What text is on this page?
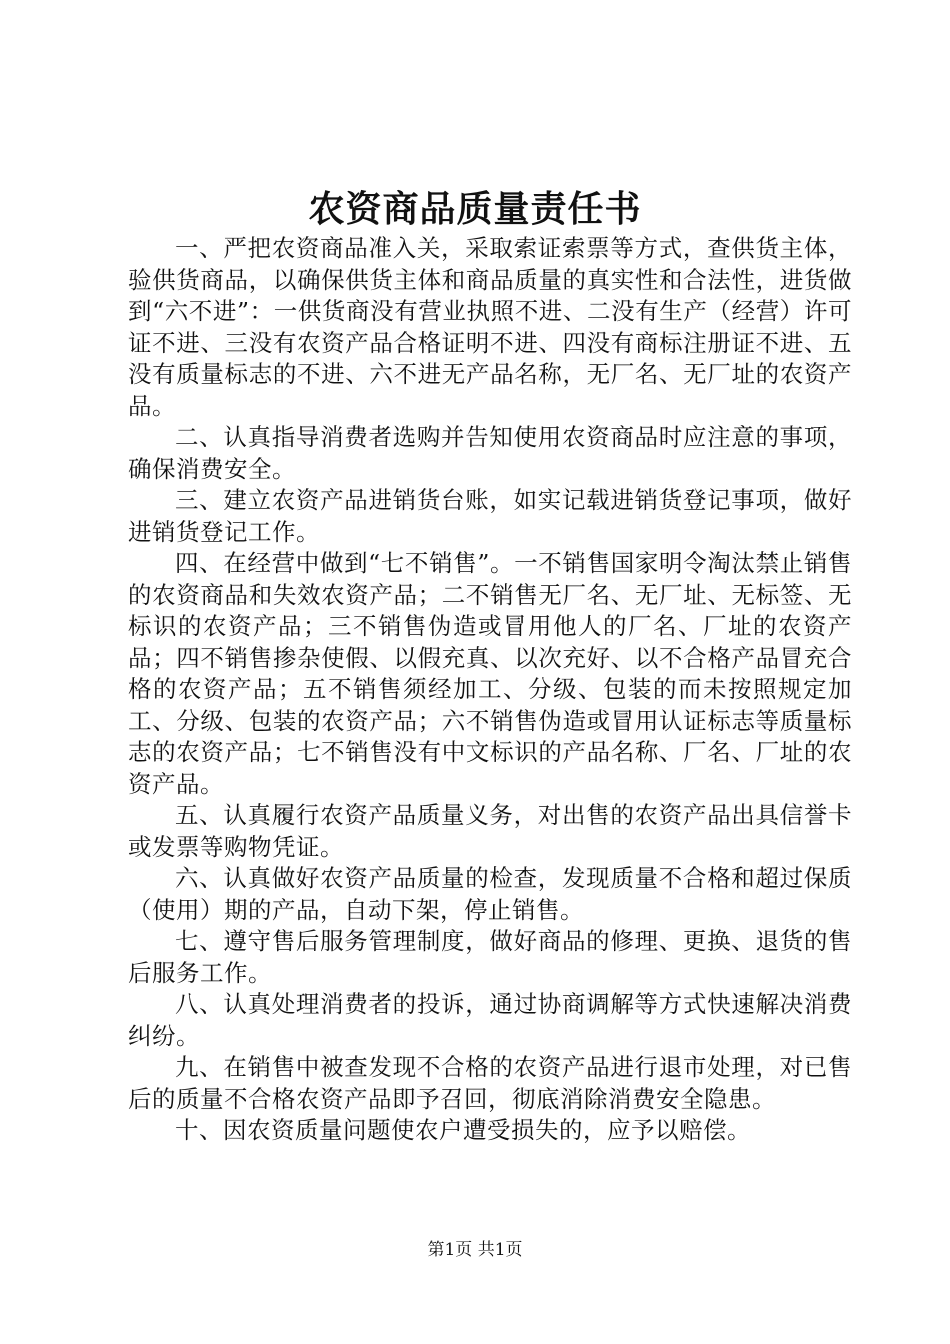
农资商品质量责任书

一、严把农资商品准入关，采取索证索票等方式，查供货主体，验供货商品，以确保供货主体和商品质量的真实性和合法性，进货做到“六不进”：一供货商没有营业执照不进、二没有生产（经营）许可证不进、三没有农资产品合格证明不进、四没有商标注册证不进、五没有质量标志的不进、六不进无产品名称，无厂名、无厂址的农资产品。

二、认真指导消费者选购并告知使用农资商品时应注意的事项，确保消费安全。

三、建立农资产品进销货台账，如实记载进销货登记事项，做好进销货登记工作。

四、在经营中做到“七不销售”。一不销售国家明令淘汰禁止销售的农资商品和失效农资产品；二不销售无厂名、无厂址、无标签、无标识的农资产品；三不销售伪造或冒用他人的厂名、厂址的农资产品；四不销售掺杂使假、以假充真、以次充好、以不合格产品冒充合格的农资产品；五不销售须经加工、分级、包装的而未按照规定加工、分级、包装的农资产品；六不销售伪造或冒用认证标志等质量标志的农资产品；七不销售没有中文标识的产品名称、厂名、厂址的农资产品。

五、认真履行农资产品质量义务，对出售的农资产品出具信誉卡或发票等购物凭证。

六、认真做好农资产品质量的检查，发现质量不合格和超过保质（使用）期的产品，自动下架，停止销售。

七、遵守售后服务管理制度，做好商品的修理、更换、退货的售后服务工作。

八、认真处理消费者的投诉，通过协商调解等方式快速解决消费纠纷。

九、在销售中被查发现不合格的农资产品进行退市处理，对已售后的质量不合格农资产品即予召回，彻底消除消费安全隐患。

十、因农资质量问题使农户遭受损失的，应予以赔偿。

第1页 共1页
